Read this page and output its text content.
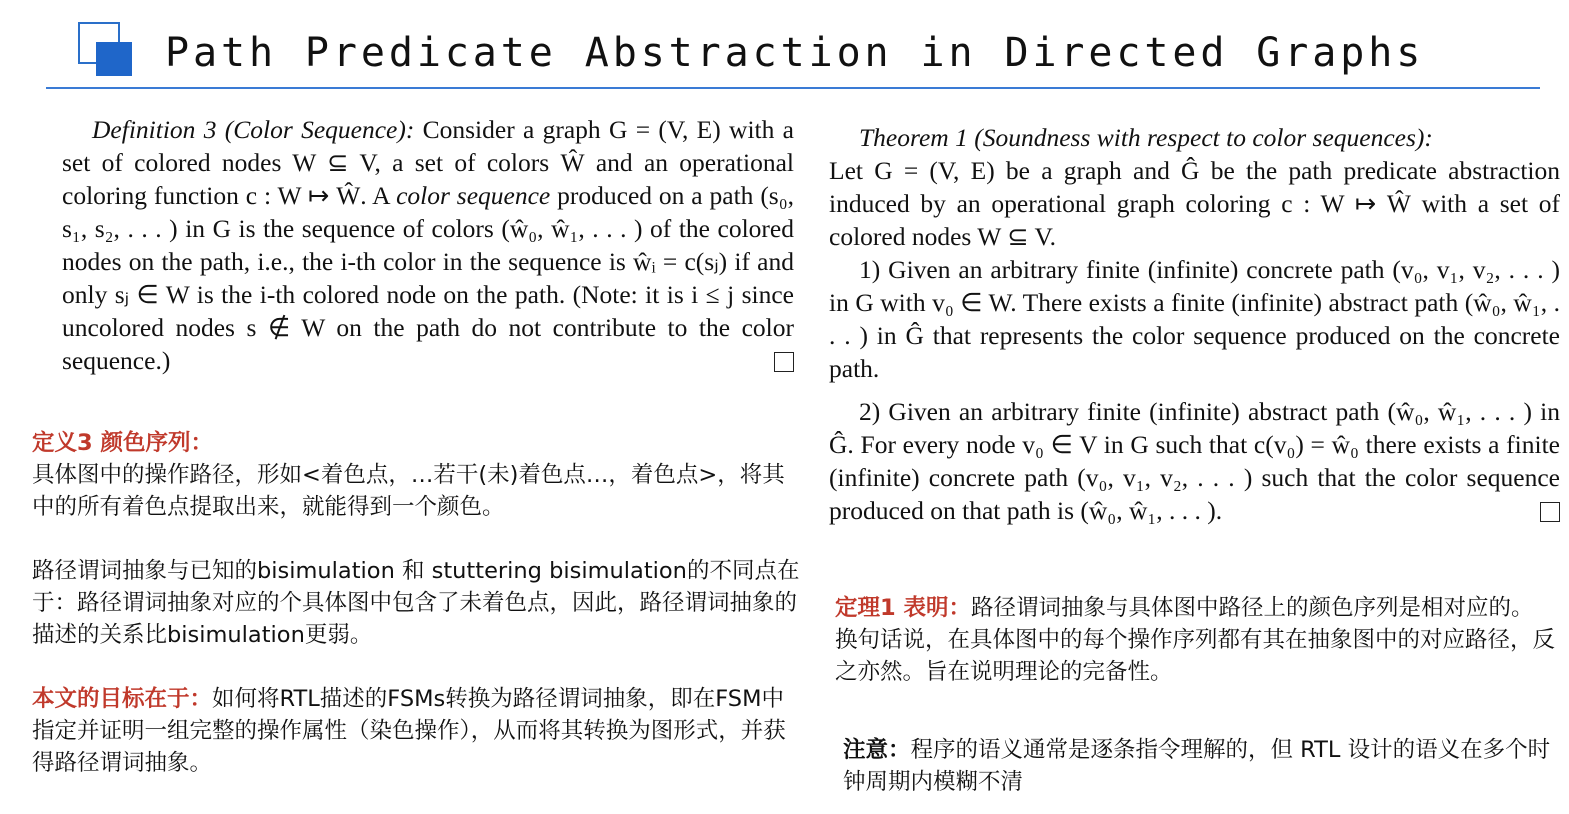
Path Predicate Abstraction in Directed Graphs

Definition 3 (Color Sequence): Consider a graph G = (V, E) with a set of colored nodes W ⊆ V, a set of colors Ŵ and an operational coloring function c : W ↦ Ŵ. A color sequence produced on a path (s₀, s₁, s₂, . . . ) in G is the sequence of colors (ŵ₀, ŵ₁, . . . ) of the colored nodes on the path, i.e., the i-th color in the sequence is ŵᵢ = c(sⱼ) if and only sⱼ ∈ W is the i-th colored node on the path. (Note: it is i ≤ j since uncolored nodes s ∉ W on the path do not contribute to the color sequence.)

Theorem 1 (Soundness with respect to color sequences):

Let G = (V, E) be a graph and Ĝ be the path predicate abstraction induced by an operational graph coloring c : W ↦ Ŵ with a set of colored nodes W ⊆ V.

1) Given an arbitrary finite (infinite) concrete path (v₀, v₁, v₂, . . . ) in G with v₀ ∈ W. There exists a finite (infinite) abstract path (ŵ₀, ŵ₁, . . . ) in Ĝ that represents the color sequence produced on the concrete path.

2) Given an arbitrary finite (infinite) abstract path (ŵ₀, ŵ₁, . . . ) in Ĝ. For every node v₀ ∈ V in G such that c(v₀) = ŵ₀ there exists a finite (infinite) concrete path (v₀, v₁, v₂, . . . ) such that the color sequence produced on that path is (ŵ₀, ŵ₁, . . . ).

定义3 颜色序列：

具体图中的操作路径，形如<着色点，…若干(未)着色点…，着色点>，将其中的所有着色点提取出来，就能得到一个颜色。

路径谓词抽象与已知的bisimulation 和 stuttering bisimulation的不同点在于：路径谓词抽象对应的个具体图中包含了未着色点，因此，路径谓词抽象的描述的关系比bisimulation更弱。

本文的目标在于：如何将RTL描述的FSMs转换为路径谓词抽象，即在FSM中指定并证明一组完整的操作属性（染色操作），从而将其转换为图形式，并获得路径谓词抽象。

定理1 表明：路径谓词抽象与具体图中路径上的颜色序列是相对应的。换句话说，在具体图中的每个操作序列都有其在抽象图中的对应路径，反之亦然。旨在说明理论的完备性。

注意：程序的语义通常是逐条指令理解的，但 RTL 设计的语义在多个时钟周期内模糊不清
